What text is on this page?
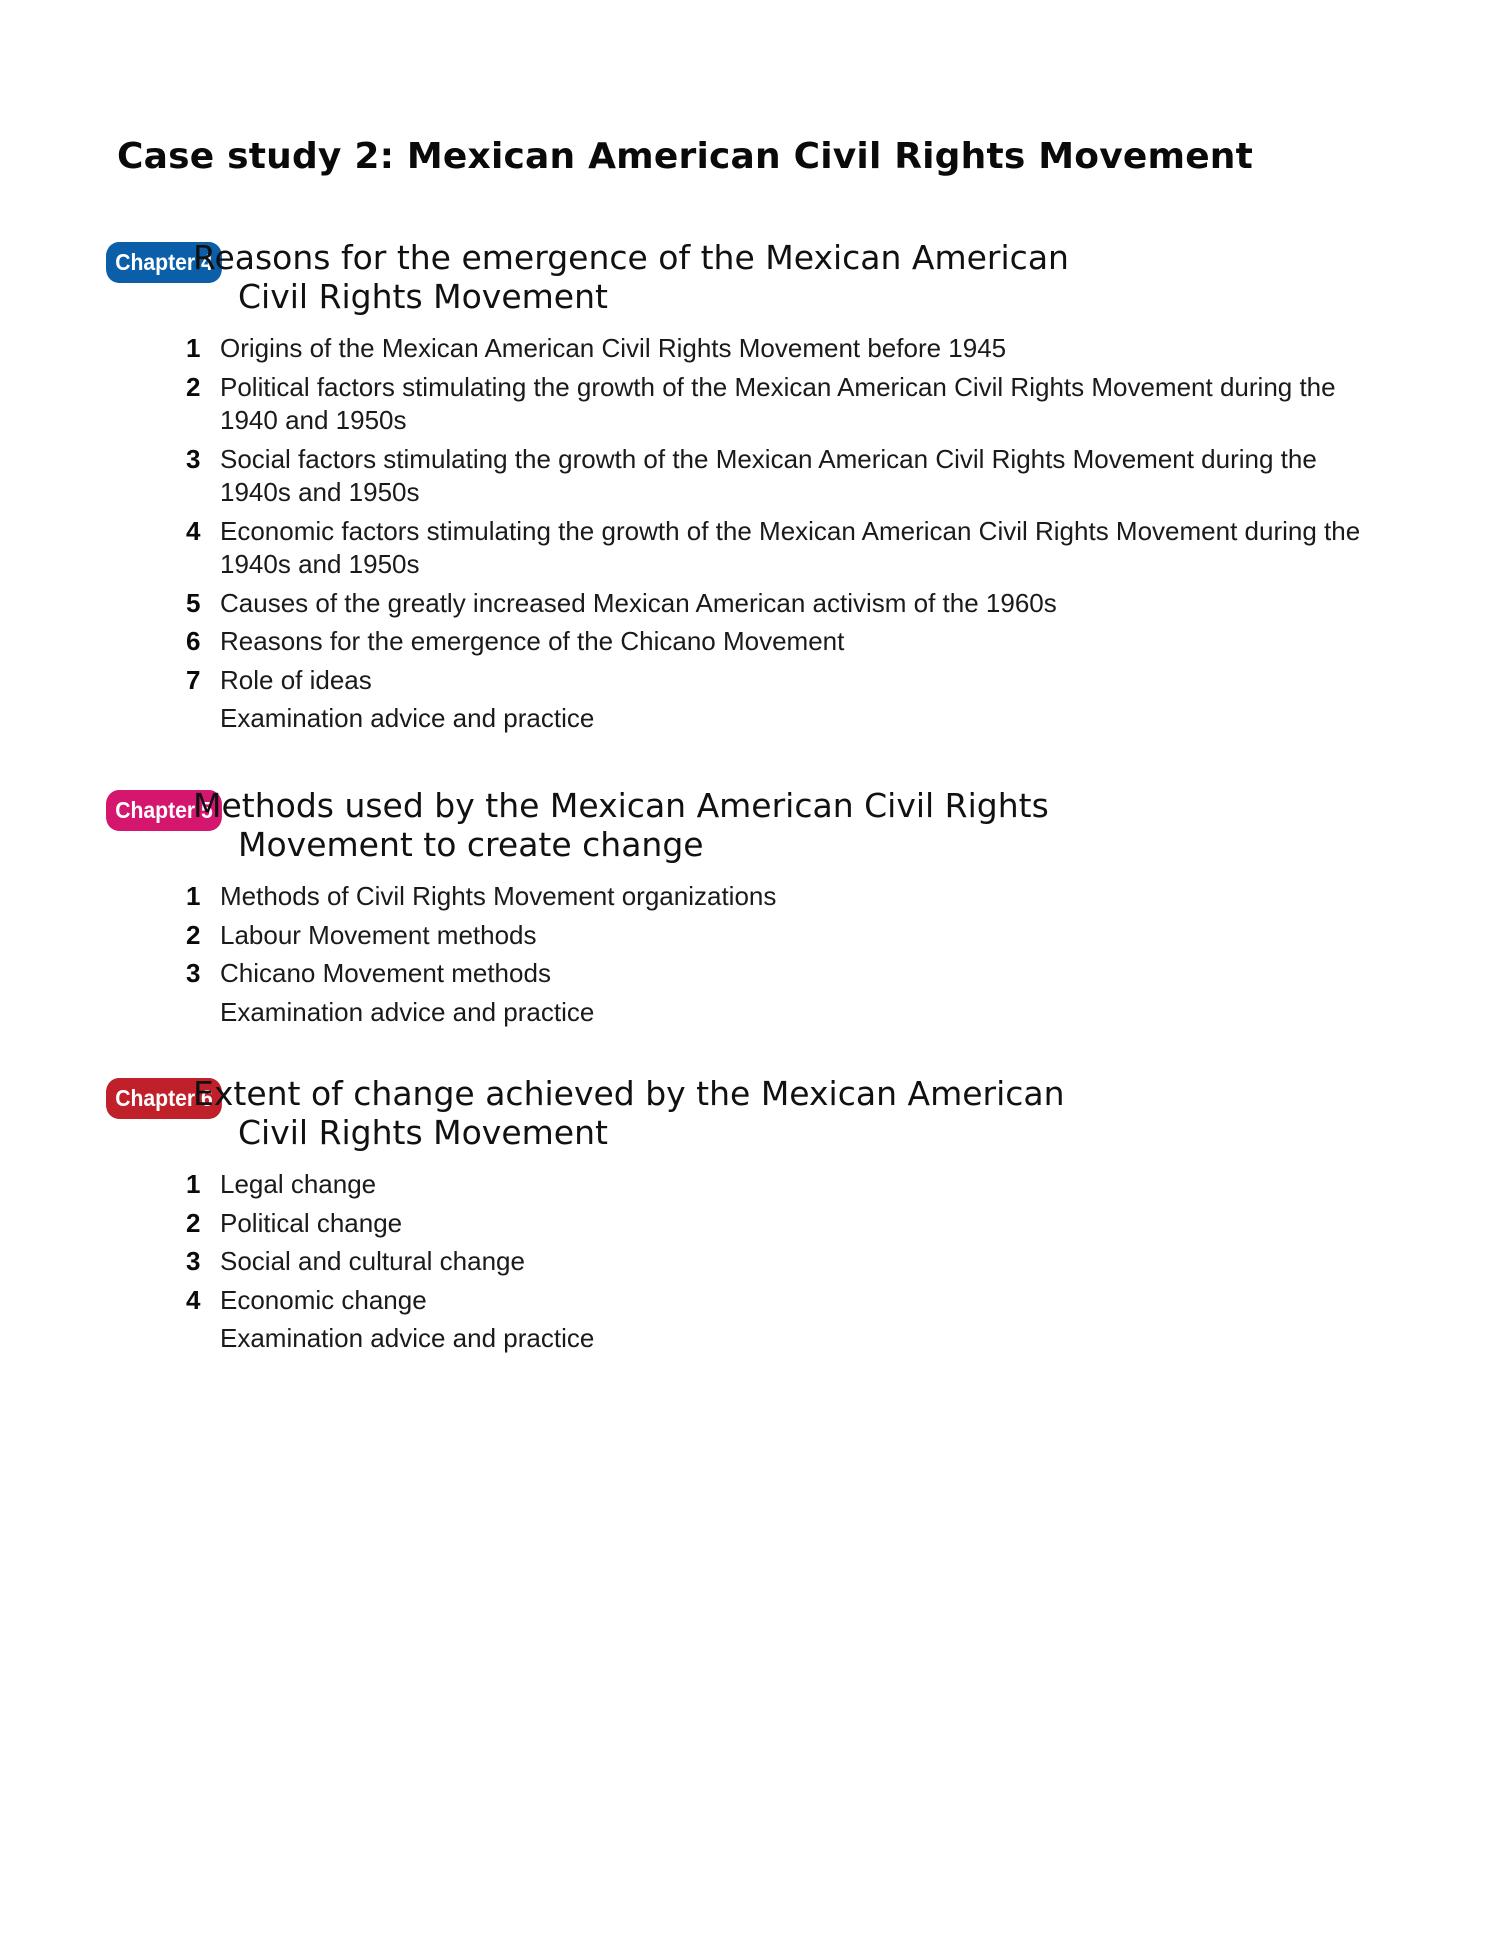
Case study 2: Mexican American Civil Rights Movement
Chapter 4
Reasons for the emergence of the Mexican American Civil Rights Movement
1 Origins of the Mexican American Civil Rights Movement before 1945
2 Political factors stimulating the growth of the Mexican American Civil Rights Movement during the 1940 and 1950s
3 Social factors stimulating the growth of the Mexican American Civil Rights Movement during the 1940s and 1950s
4 Economic factors stimulating the growth of the Mexican American Civil Rights Movement during the 1940s and 1950s
5 Causes of the greatly increased Mexican American activism of the 1960s
6 Reasons for the emergence of the Chicano Movement
7 Role of ideas
Examination advice and practice
Chapter 5
Methods used by the Mexican American Civil Rights Movement to create change
1 Methods of Civil Rights Movement organizations
2 Labour Movement methods
3 Chicano Movement methods
Examination advice and practice
Chapter 6
Extent of change achieved by the Mexican American Civil Rights Movement
1 Legal change
2 Political change
3 Social and cultural change
4 Economic change
Examination advice and practice
